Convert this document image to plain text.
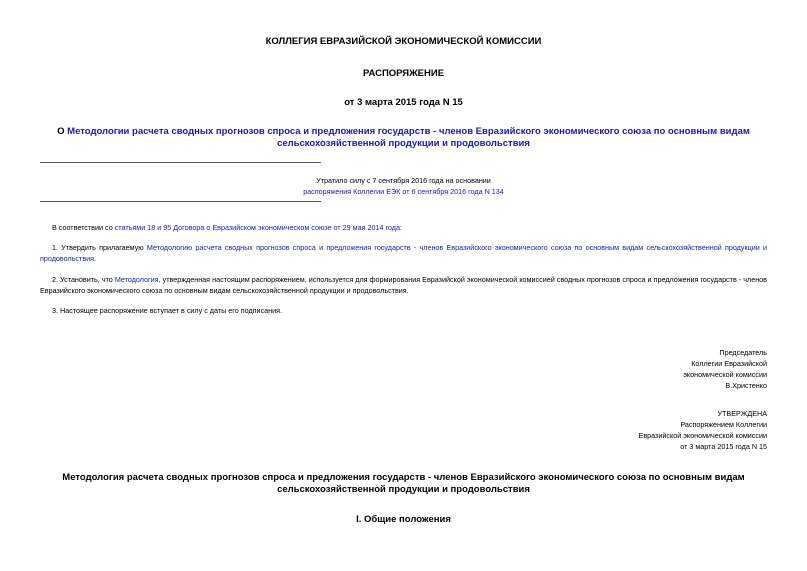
КОЛЛЕГИЯ ЕВРАЗИЙСКОЙ ЭКОНОМИЧЕСКОЙ КОМИССИИ
РАСПОРЯЖЕНИЕ
от 3 марта 2015 года N 15
О Методологии расчета сводных прогнозов спроса и предложения государств - членов Евразийского экономического союза по основным видам
сельскохозяйственной продукции и продовольствия
Утратило силу с 7 сентября 2016 года на основании
распоряжения Коллегии ЕЭК от 6 сентября 2016 года N 134
В соответствии со статьями 18 и 95 Договора о Евразийском экономическом союзе от 29 мая 2014 года:
1. Утвердить прилагаемую Методологию расчета сводных прогнозов спроса и предложения государств - членов Евразийского экономического союза по основным видам сельскохозяйственной продукции и продовольствия.
2. Установить, что Методология, утвержденная настоящим распоряжением, используется для формирования Евразийской экономической комиссией сводных прогнозов спроса и предложения государств - членов Евразийского экономического союза по основным видам сельскохозяйственной продукции и продовольствия.
3. Настоящее распоряжение вступает в силу с даты его подписания.
Председатель
Коллегии Евразийской
экономической комиссии
В.Христенко
УТВЕРЖДЕНА
Распоряжением Коллегии
Евразийской экономической комиссии
от 3 марта 2015 года N 15
Методология расчета сводных прогнозов спроса и предложения государств - членов Евразийского экономического союза по основным видам
сельскохозяйственной продукции и продовольствия
I. Общие положения
